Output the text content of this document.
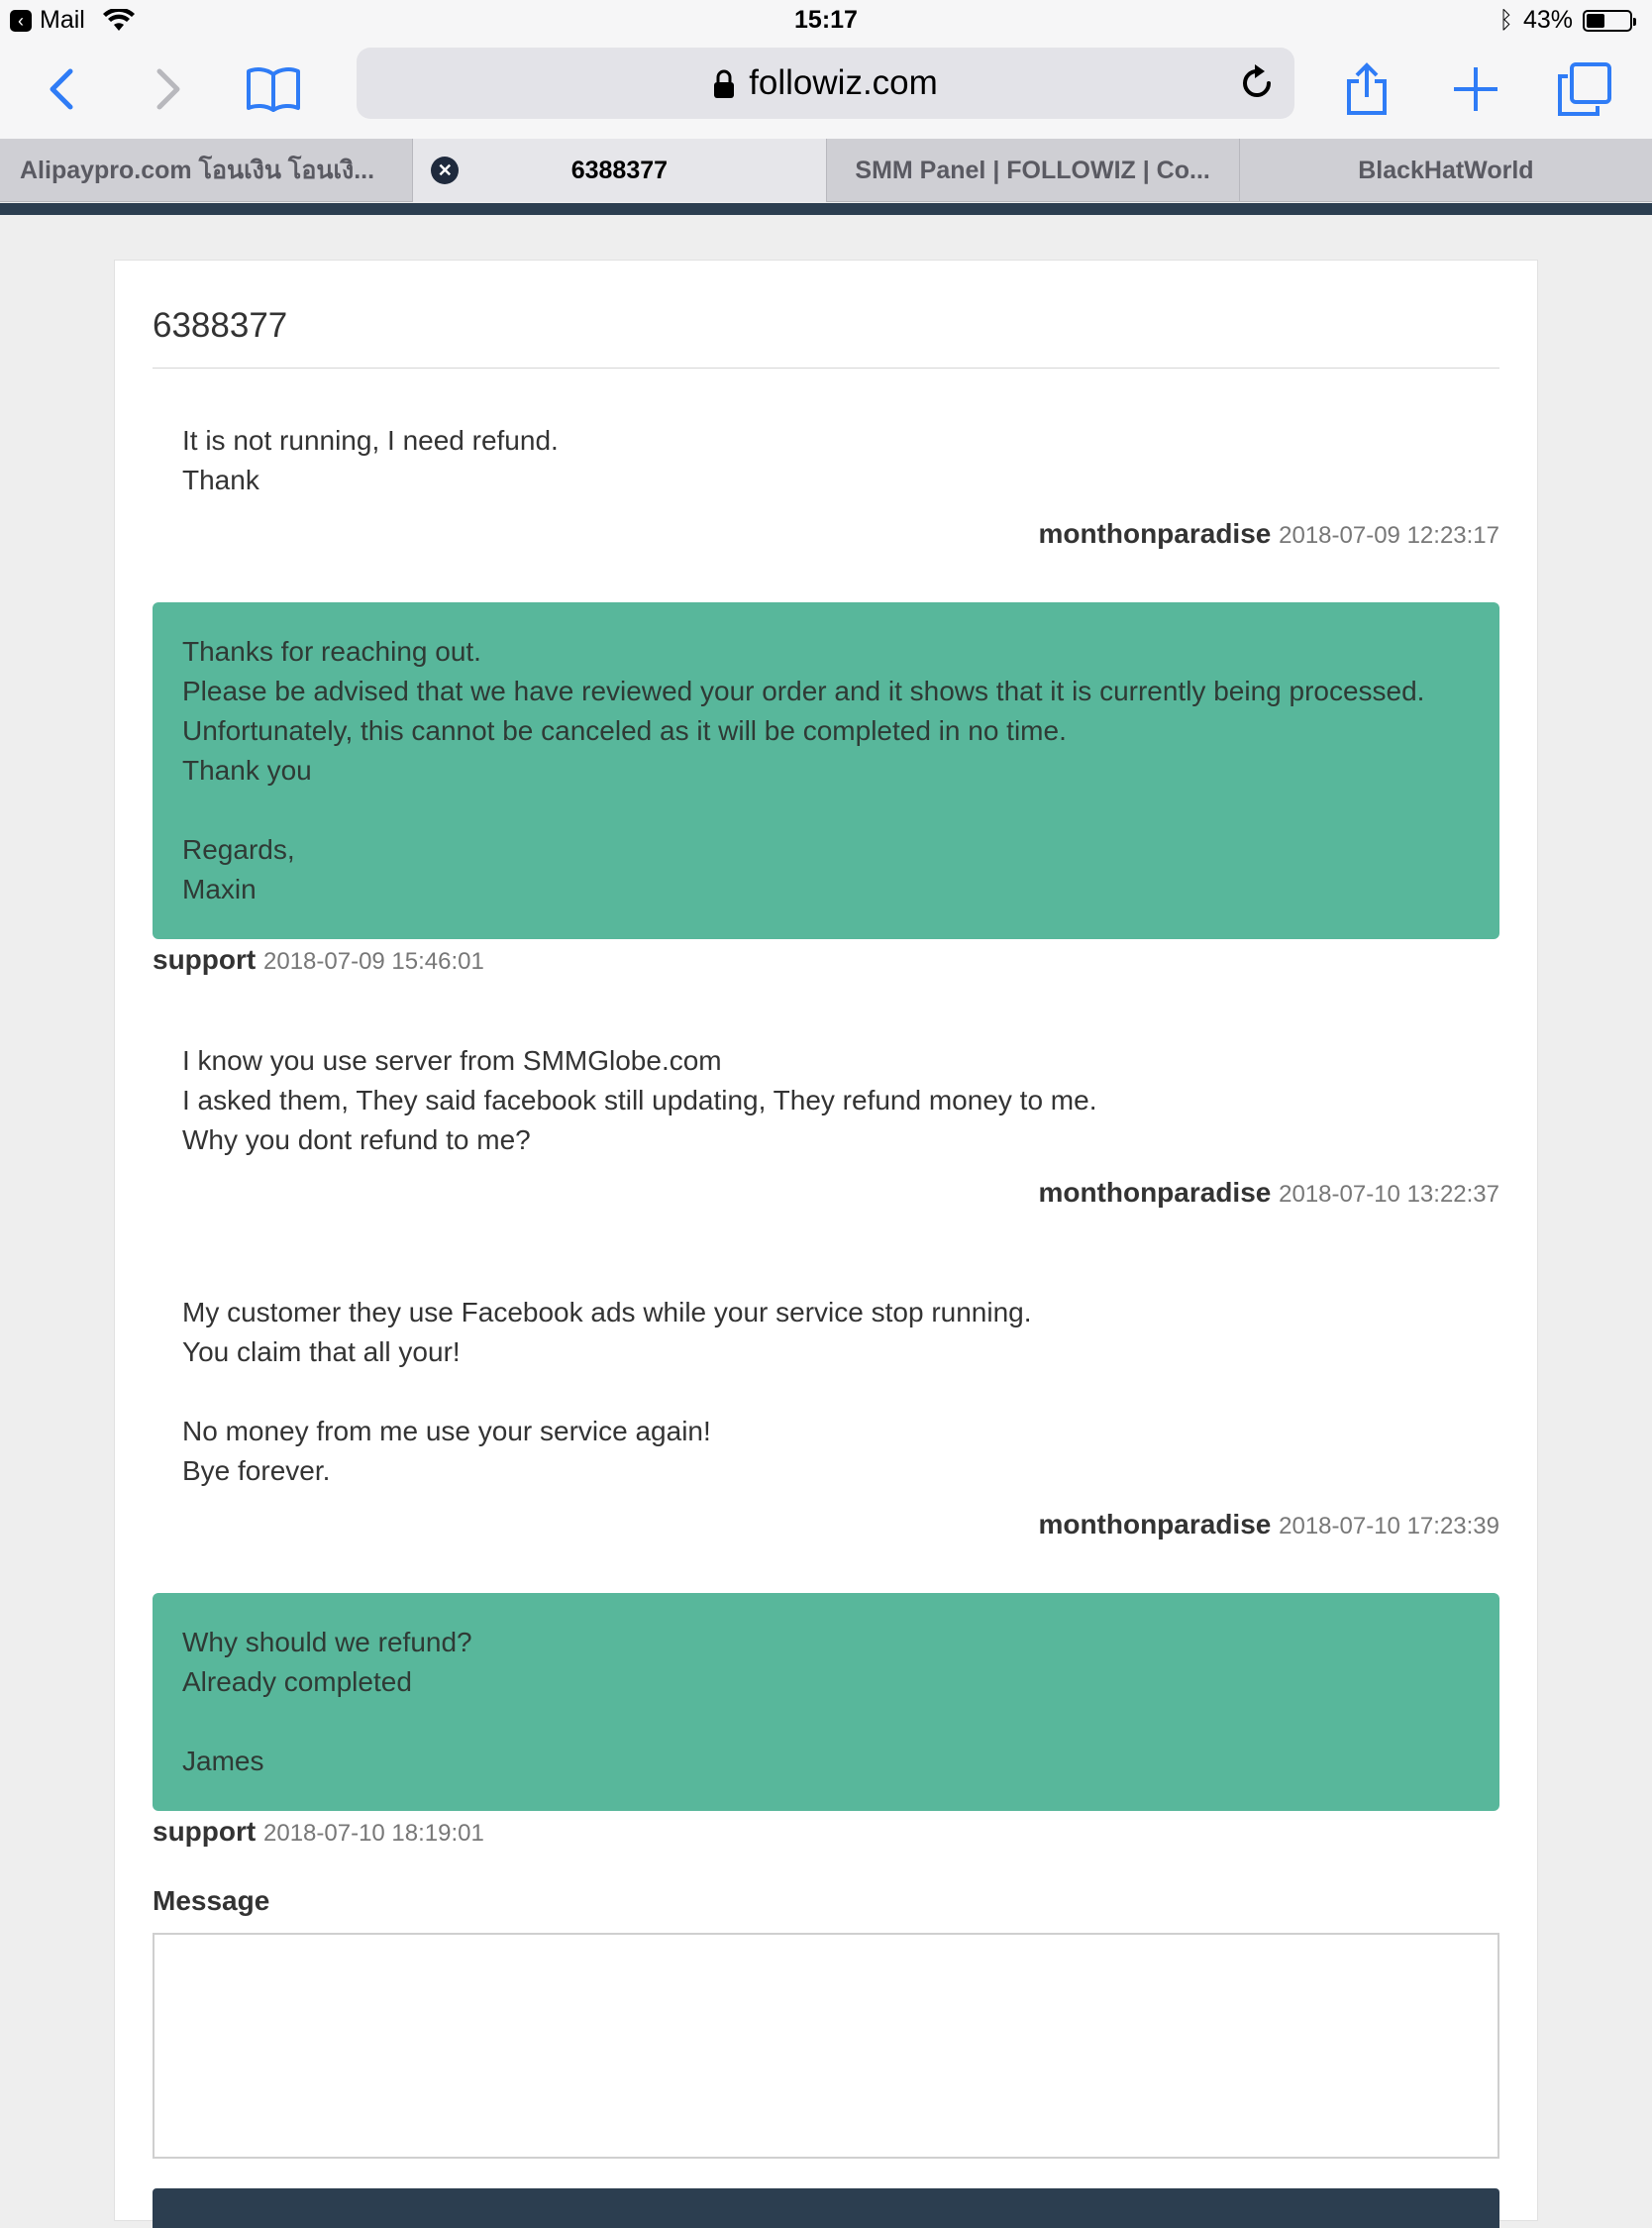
‹ Mail	15:17	ᛒ 43%
followiz.com
Alipaypro.com โอนเงิน โอนเงิ...	✕	6388377	SMM Panel | FOLLOWIZ | Co...	BlackHatWorld
6388377
It is not running, I need refund.
Thank
monthonparadise 2018-07-09 12:23:17
Thanks for reaching out.
Please be advised that we have reviewed your order and it shows that it is currently being processed.
Unfortunately, this cannot be canceled as it will be completed in no time.
Thank you

Regards,
Maxin
support 2018-07-09 15:46:01
I know you use server from SMMGlobe.com
I asked them, They said facebook still updating, They refund money to me.
Why you dont refund to me?
monthonparadise 2018-07-10 13:22:37
My customer they use Facebook ads while your service stop running.
You claim that all your!

No money from me use your service again!
Bye forever.
monthonparadise 2018-07-10 17:23:39
Why should we refund?
Already completed

James
support 2018-07-10 18:19:01
Message
